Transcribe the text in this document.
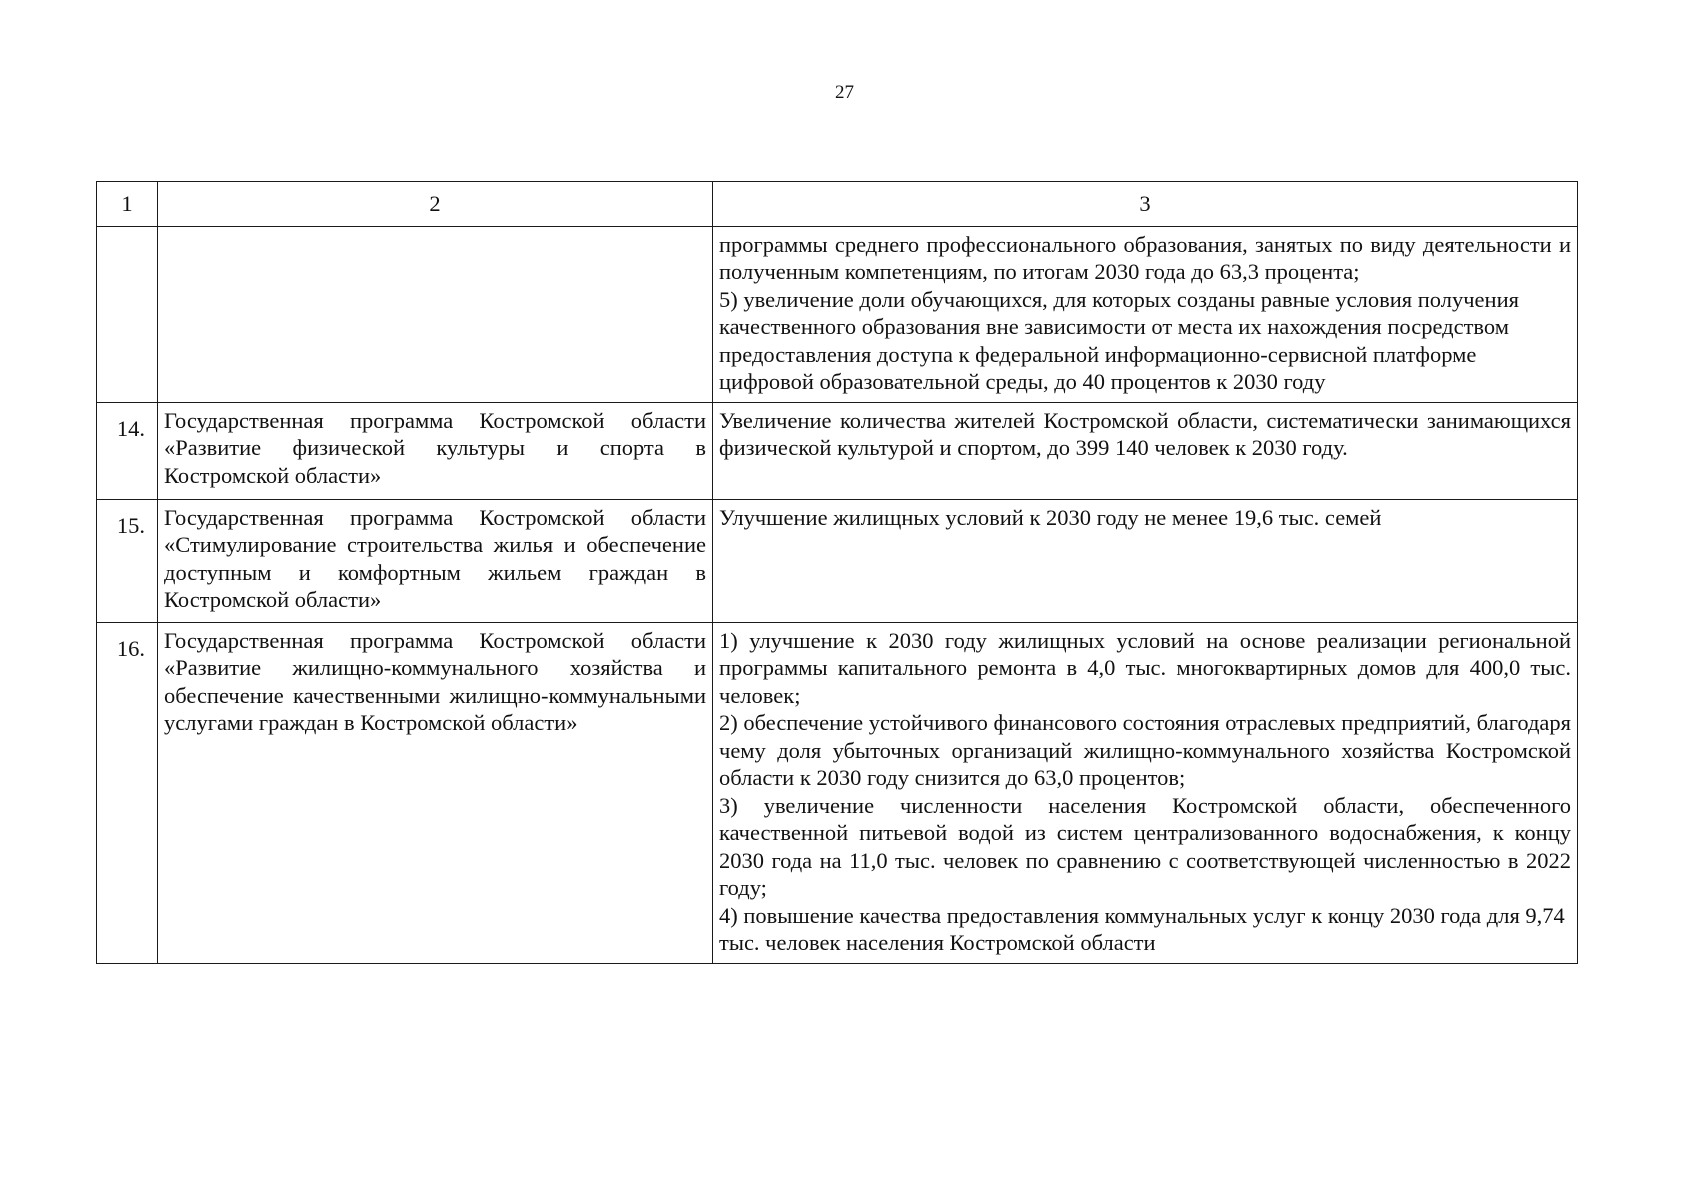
27
1	2	3

		программы среднего профессионального образования, занятых по виду деятельности и полученным компетенциям, по итогам 2030 года до 63,3 процента;

5) увеличение доли обучающихся, для которых созданы равные условия получения качественного образования вне зависимости от места их нахождения посредством предоставления доступа к федеральной информационно-сервисной платформе цифровой образовательной среды, до 40 процентов к 2030 году

14.	Государственная программа Костромской области «Развитие физической культуры и спорта в Костромской области»	Увеличение количества жителей Костромской области, систематически занимающихся физической культурой и спортом, до 399 140 человек к 2030 году.

15.	Государственная программа Костромской области «Стимулирование строительства жилья и обеспечение доступным и комфортным жильем граждан в Костромской области»	Улучшение жилищных условий к 2030 году не менее 19,6 тыс. семей

16.	Государственная программа Костромской области «Развитие жилищно-коммунального хозяйства и обеспечение качественными жилищно-коммунальными услугами граждан в Костромской области»	1) улучшение к 2030 году жилищных условий на основе реализации региональной программы капитального ремонта в 4,0 тыс. многоквартирных домов для 400,0 тыс. человек;

2) обеспечение устойчивого финансового состояния отраслевых предприятий, благодаря чему доля убыточных организаций жилищно-коммунального хозяйства Костромской области к 2030 году снизится до 63,0 процентов;

3) увеличение численности населения Костромской области, обеспеченного качественной питьевой водой из систем централизованного водоснабжения, к концу 2030 года на 11,0 тыс. человек по сравнению с соответствующей численностью в 2022 году;

4) повышение качества предоставления коммунальных услуг к концу 2030 года для 9,74 тыс. человек населения Костромской области
